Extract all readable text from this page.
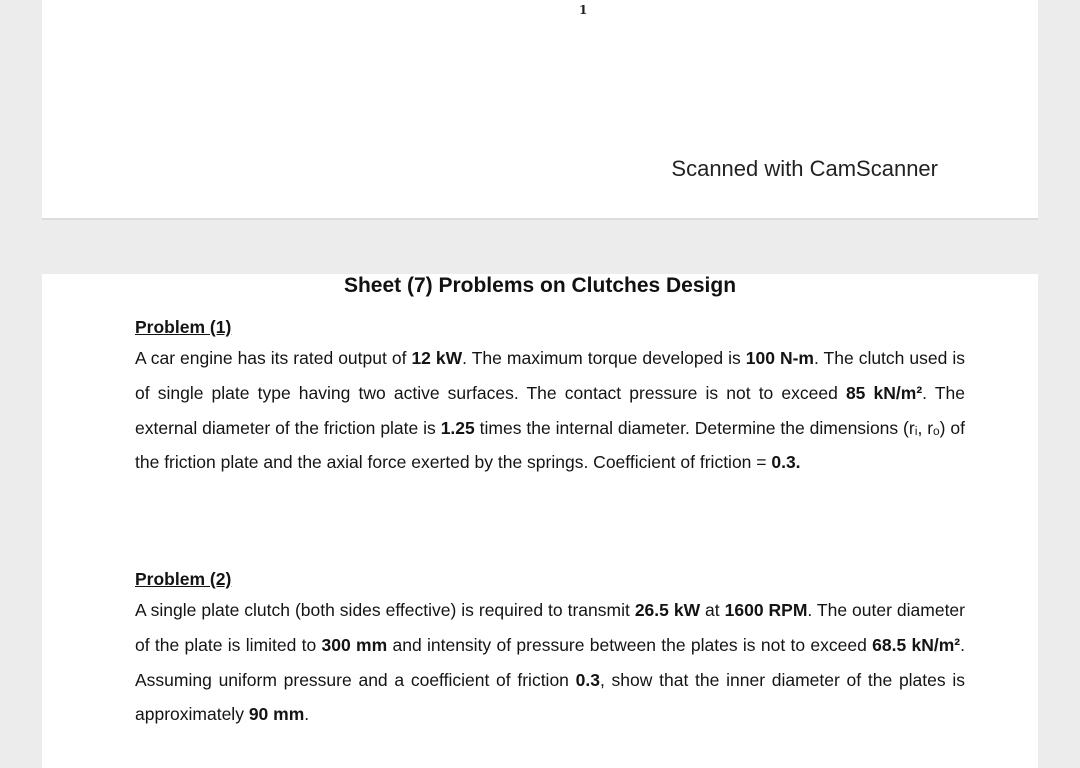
1
Scanned with CamScanner
Sheet (7) Problems on Clutches Design

Problem (1)

A car engine has its rated output of 12 kW. The maximum torque developed is 100 N-m. The clutch used is of single plate type having two active surfaces. The contact pressure is not to exceed 85 kN/m². The external diameter of the friction plate is 1.25 times the internal diameter. Determine the dimensions (rᵢ, rₒ) of the friction plate and the axial force exerted by the springs. Coefficient of friction = 0.3.

Problem (2)

A single plate clutch (both sides effective) is required to transmit 26.5 kW at 1600 RPM. The outer diameter of the plate is limited to 300 mm and intensity of pressure between the plates is not to exceed 68.5 kN/m². Assuming uniform pressure and a coefficient of friction 0.3, show that the inner diameter of the plates is approximately 90 mm.
